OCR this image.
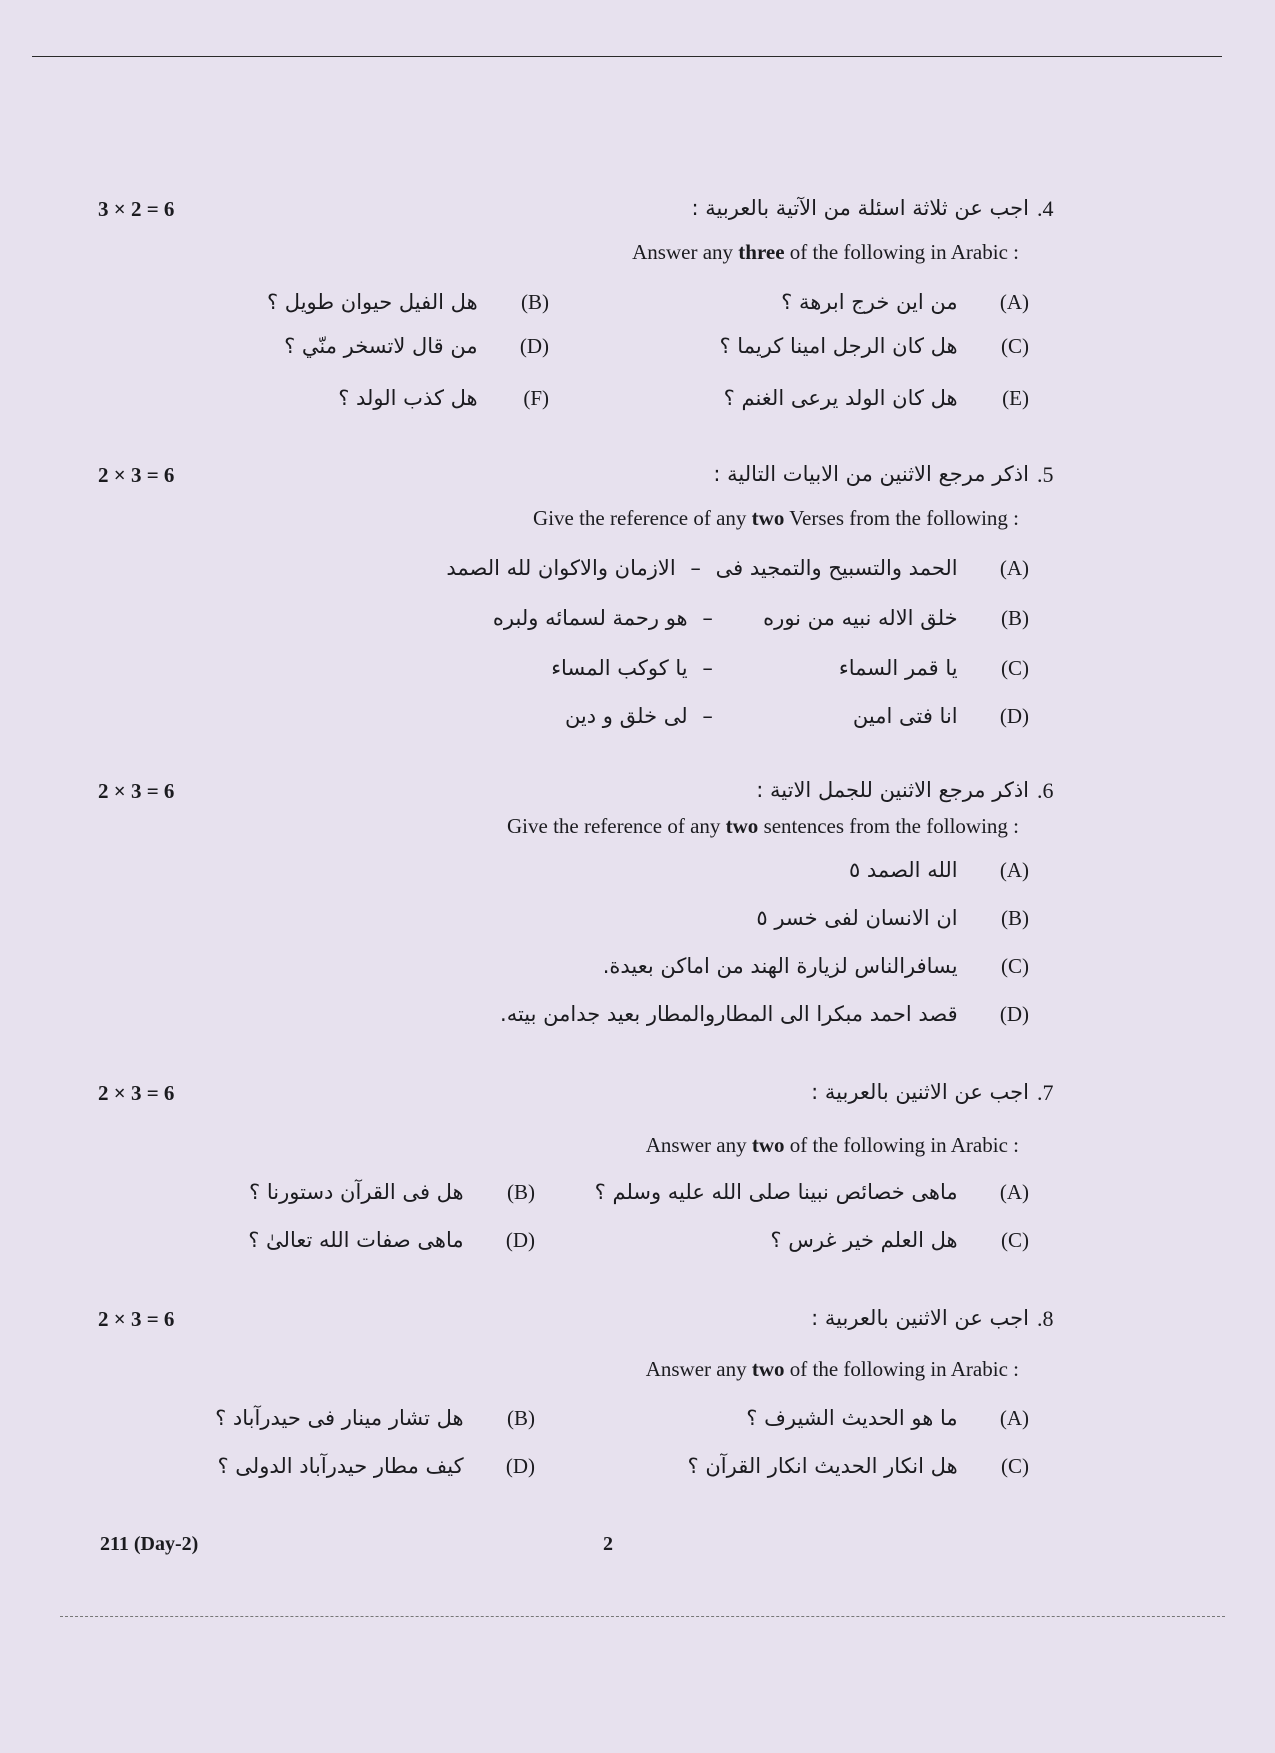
3 × 2 = 6	.4
اجب عن ثلاثة اسئلة من الآتية بالعربية :
Answer any three of the following in Arabic :
(A)  من اين خرج ابرهة ؟
(B)  هل الفيل حيوان طويل ؟
(C)  هل كان الرجل امينا كريما ؟
(D)  من قال لاتسخر منّي ؟
(E)  هل كان الولد يرعى الغنم ؟
(F)  هل كذب الولد ؟
2 × 3 = 6	.5
اذكر مرجع الاثنين من الابيات التالية :
Give the reference of any two Verses from the following :
(A)  الحمد والتسبيح والتمجيد فى–الازمان والاكوان لله الصمد
(B)  خلق الاله نبيه من نوره–هو رحمة لسمائه ولبره
(C)  يا قمر السماء–يا كوكب المساء
(D)  انا فتى امين–لى خلق و دين
2 × 3 = 6	.6
اذكر مرجع الاثنين للجمل الاتية :
Give the reference of any two sentences from the following :
(A)  الله الصمد ٥
(B)  ان الانسان لفى خسر ٥
(C)  يسافرالناس لزيارة الهند من اماكن بعيدة.
(D)  قصد احمد مبكرا الى المطاروالمطار بعيد جدامن بيته.
2 × 3 = 6	.7
اجب عن الاثنين بالعربية :
Answer any two of the following in Arabic :
(A)  ماهى خصائص نبينا صلى الله عليه وسلم ؟
(B)  هل فى القرآن دستورنا ؟
(C)  هل العلم خير غرس ؟
(D)  ماهى صفات الله تعالىٰ ؟
2 × 3 = 6	.8
اجب عن الاثنين بالعربية :
Answer any two of the following in Arabic :
(A)  ما هو الحديث الشيرف ؟
(B)  هل تشار مينار فى حيدرآباد ؟
(C)  هل انكار الحديث انكار القرآن ؟
(D)  كيف مطار حيدرآباد الدولى ؟
211 (Day-2)	2
